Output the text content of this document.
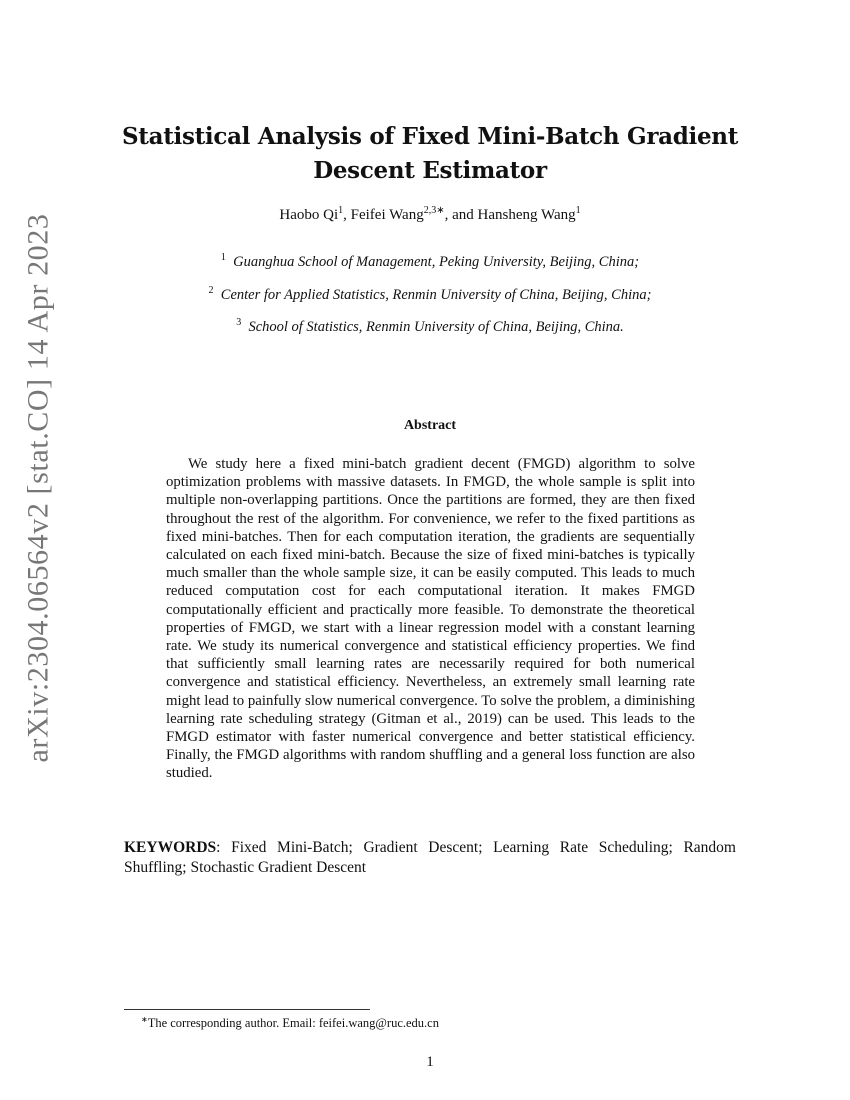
arXiv:2304.06564v2 [stat.CO] 14 Apr 2023
Statistical Analysis of Fixed Mini-Batch Gradient Descent Estimator
Haobo Qi$^1$, Feifei Wang$^{2,3∗}$, and Hansheng Wang$^1$
$^1$ Guanghua School of Management, Peking University, Beijing, China;
$^2$ Center for Applied Statistics, Renmin University of China, Beijing, China;
$^3$ School of Statistics, Renmin University of China, Beijing, China.
Abstract
We study here a fixed mini-batch gradient decent (FMGD) algorithm to solve optimization problems with massive datasets. In FMGD, the whole sample is split into multiple non-overlapping partitions. Once the partitions are formed, they are then fixed throughout the rest of the algorithm. For convenience, we refer to the fixed partitions as fixed mini-batches. Then for each computation iteration, the gradients are sequentially calculated on each fixed mini-batch. Because the size of fixed mini-batches is typically much smaller than the whole sample size, it can be easily computed. This leads to much reduced computation cost for each computational iteration. It makes FMGD computationally efficient and practically more feasible. To demonstrate the theoretical properties of FMGD, we start with a linear regression model with a constant learning rate. We study its numerical convergence and statistical efficiency properties. We find that sufficiently small learning rates are necessarily required for both numerical convergence and statistical efficiency. Nevertheless, an extremely small learning rate might lead to painfully slow numerical convergence. To solve the problem, a diminishing learning rate scheduling strategy (Gitman et al., 2019) can be used. This leads to the FMGD estimator with faster numerical convergence and better statistical efficiency. Finally, the FMGD algorithms with random shuffling and a general loss function are also studied.
KEYWORDS: Fixed Mini-Batch; Gradient Descent; Learning Rate Scheduling; Random Shuffling; Stochastic Gradient Descent
∗The corresponding author. Email: feifei.wang@ruc.edu.cn
1
